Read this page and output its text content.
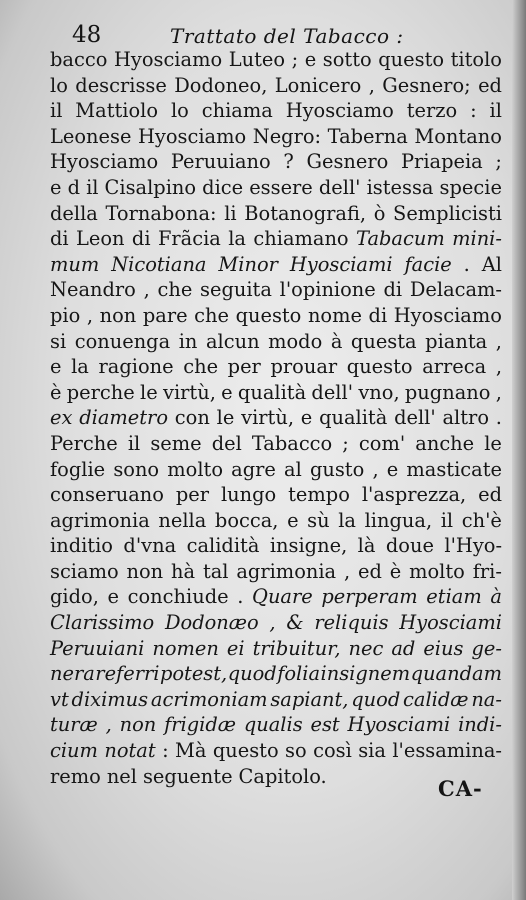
48	Trattato del Tabacco :
bacco Hyosciamo Luteo ; e sotto questo titolo
lo descrisse Dodoneo, Lonicero , Gesnero; ed
il Mattiolo lo chiama Hyosciamo terzo : il
Leonese Hyosciamo Negro: Taberna Montano
Hyosciamo Peruuiano ? Gesnero Priapeia ;
e d il Cisalpino dice essere dell' istessa specie
della Tornabona: li Botanografi, ò Semplicisti
di Leon di Frãcia la chiamano Tabacum mini-
mum Nicotiana Minor Hyosciami facie . Al
Neandro , che seguita l'opinione di Delacam-
pio , non pare che questo nome di Hyosciamo
si conuenga in alcun modo à questa pianta ,
e la ragione che per prouar questo arreca ,
è perche le virtù, e qualità dell' vno, pugnano ,
ex diametro con le virtù, e qualità dell' altro .
Perche il seme del Tabacco ; com' anche le
foglie sono molto agre al gusto , e masticate
conseruano per lungo tempo l'asprezza, ed
agrimonia nella bocca, e sù la lingua, il ch'è
inditio d'vna calidità insigne, là doue l'Hyo-
sciamo non hà tal agrimonia , ed è molto fri-
gido, e conchiude . Quare perperam etiam à
Clarissimo Dodonæo , & reliquis Hyosciami
Peruuiani nomen ei tribuitur, nec ad eius ge-
nera referri potest, quod folia insignem quandam
vt diximus acrimoniam sapiant, quod calidæ na-
turæ , non frigidæ qualis est Hyosciami indi-
cium notat : Mà questo so così sia l'essamina-
remo nel seguente Capitolo.	CA-
